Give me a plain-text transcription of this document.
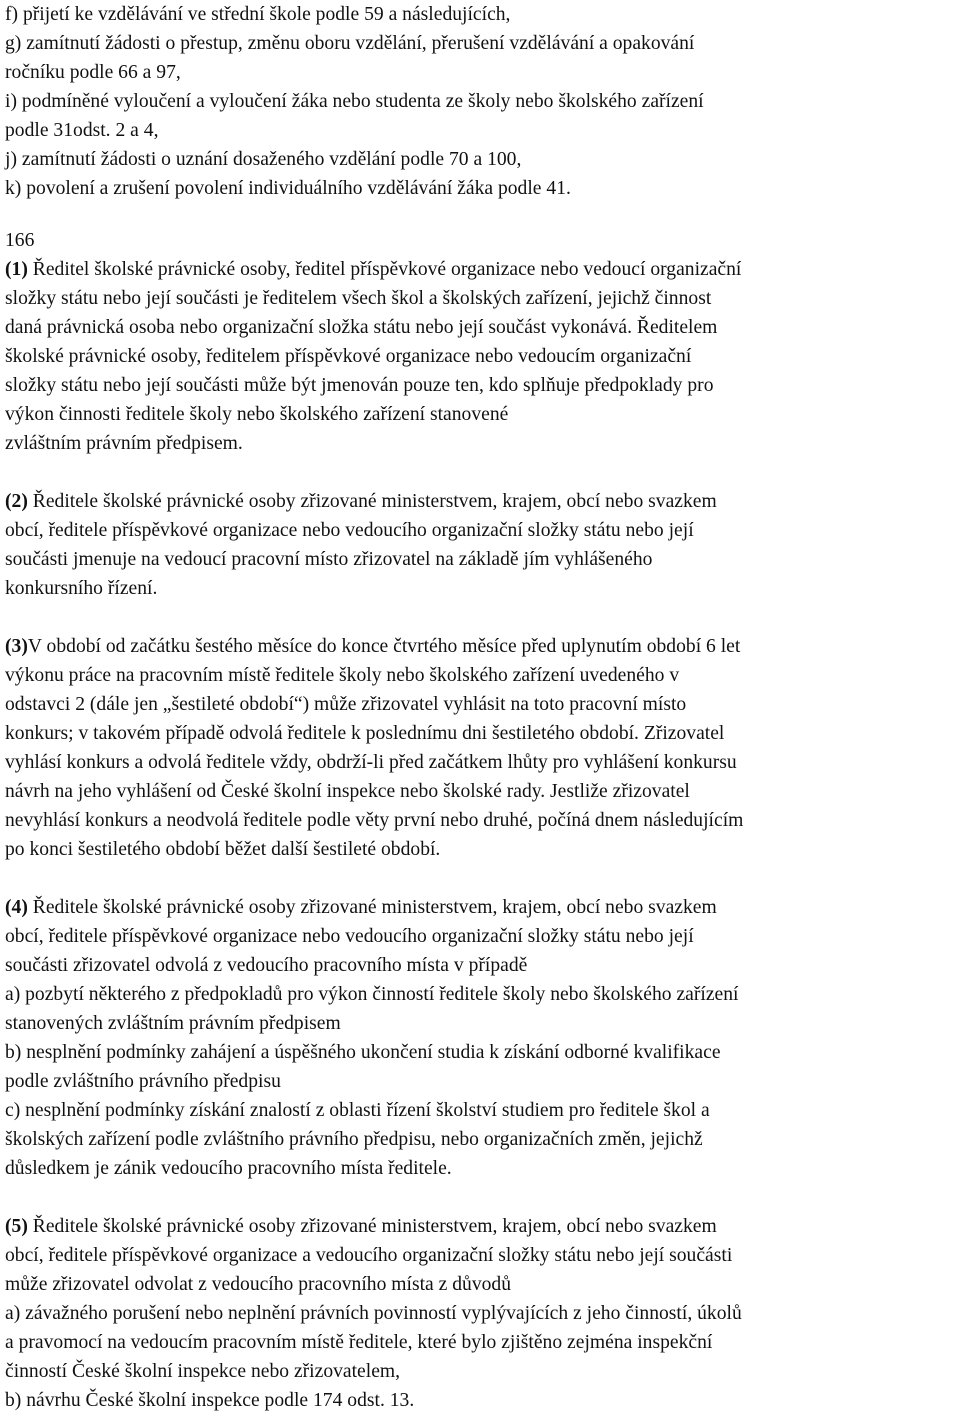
f) přijetí ke vzdělávání ve střední škole podle 59 a následujících,

g) zamítnutí žádosti o přestup, změnu oboru vzdělání, přerušení vzdělávání a opakování

ročníku podle 66 a 97,

i) podmíněné vyloučení a vyloučení žáka nebo studenta ze školy nebo školského zařízení

podle 31odst. 2 a 4,

j) zamítnutí žádosti o uznání dosaženého vzdělání podle 70 a 100,

k) povolení a zrušení povolení individuálního vzdělávání žáka podle 41.

166

(1) Ředitel školské právnické osoby, ředitel příspěvkové organizace nebo vedoucí organizační

složky státu nebo její součásti je ředitelem všech škol a školských zařízení, jejichž činnost

daná právnická osoba nebo organizační složka státu nebo její součást vykonává. Ředitelem

školské právnické osoby, ředitelem příspěvkové organizace nebo vedoucím organizační

složky státu nebo její součásti může být jmenován pouze ten, kdo splňuje předpoklady pro

výkon činnosti ředitele školy nebo školského zařízení stanovené

zvláštním právním předpisem.

(2) Ředitele školské právnické osoby zřizované ministerstvem, krajem, obcí nebo svazkem

obcí, ředitele příspěvkové organizace nebo vedoucího organizační složky státu nebo její

součásti jmenuje na vedoucí pracovní místo zřizovatel na základě jím vyhlášeného

konkursního řízení.

(3)V období od začátku šestého měsíce do konce čtvrtého měsíce před uplynutím období 6 let

výkonu práce na pracovním místě ředitele školy nebo školského zařízení uvedeného v

odstavci 2 (dále jen „šestileté období“) může zřizovatel vyhlásit na toto pracovní místo

konkurs; v takovém případě odvolá ředitele k poslednímu dni šestiletého období. Zřizovatel

vyhlásí konkurs a odvolá ředitele vždy, obdrží-li před začátkem lhůty pro vyhlášení konkursu

návrh na jeho vyhlášení od České školní inspekce nebo školské rady. Jestliže zřizovatel

nevyhlásí konkurs a neodvolá ředitele podle věty první nebo druhé, počíná dnem následujícím

po konci šestiletého období běžet další šestileté období.

(4) Ředitele školské právnické osoby zřizované ministerstvem, krajem, obcí nebo svazkem

obcí, ředitele příspěvkové organizace nebo vedoucího organizační složky státu nebo její

součásti zřizovatel odvolá z vedoucího pracovního místa v případě

a) pozbytí některého z předpokladů pro výkon činností ředitele školy nebo školského zařízení

stanovených zvláštním právním předpisem

b) nesplnění podmínky zahájení a úspěšného ukončení studia k získání odborné kvalifikace

podle zvláštního právního předpisu

c) nesplnění podmínky získání znalostí z oblasti řízení školství studiem pro ředitele škol a

školských zařízení podle zvláštního právního předpisu, nebo organizačních změn, jejichž

důsledkem je zánik vedoucího pracovního místa ředitele.

(5) Ředitele školské právnické osoby zřizované ministerstvem, krajem, obcí nebo svazkem

obcí, ředitele příspěvkové organizace a vedoucího organizační složky státu nebo její součásti

může zřizovatel odvolat z vedoucího pracovního místa z důvodů

a) závažného porušení nebo neplnění právních povinností vyplývajících z jeho činností, úkolů

a pravomocí na vedoucím pracovním místě ředitele, které bylo zjištěno zejména inspekční

činností České školní inspekce nebo zřizovatelem,

b) návrhu České školní inspekce podle 174 odst. 13.
